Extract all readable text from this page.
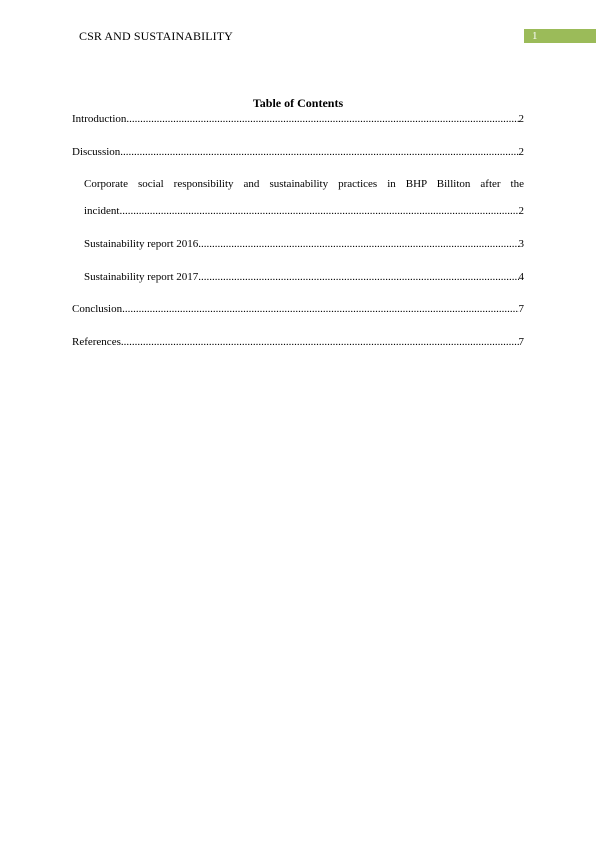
CSR AND SUSTAINABILITY	1
Table of Contents
Introduction .....	2
Discussion .....	2
Corporate social responsibility and sustainability practices in BHP Billiton after the
incident .....	2
Sustainability report 2016 .....	3
Sustainability report 2017 .....	4
Conclusion .....	7
References .....	7
